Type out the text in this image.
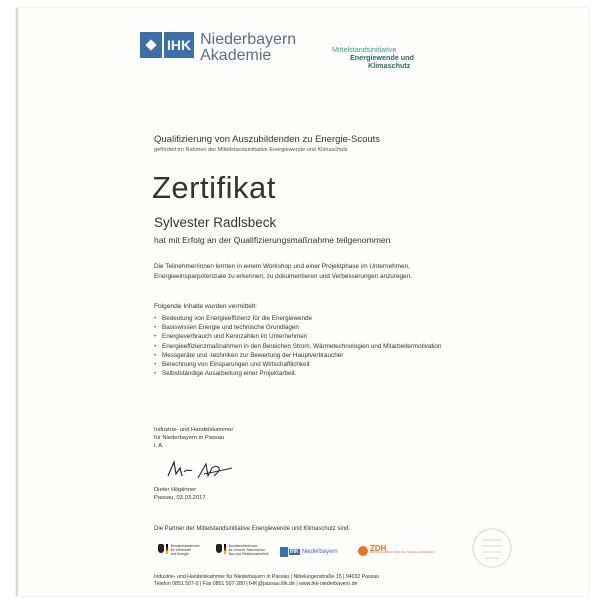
IHK Niederbayern
Akademie	Mittelstandsinitiative
Energiewende und
Klimaschutz
Qualifizierung von Auszubildenden zu Energie-Scouts
gefördert im Rahmen der Mittelstandsinitiative Energiewende und Klimaschutz
Zertifikat
Sylvester Radlsbeck
hat mit Erfolg an der Qualifizierungsmaßnahme teilgenommen
Die Teilnehmer/innen lernten in einem Workshop und einer Projektphase im Unternehmen, Energieeinsparpotenziale zu erkennen, zu dokumentieren und Verbesserungen anzuregen.
Folgende Inhalte wurden vermittelt:
• Bedeutung von Energieeffizienz für die Energiewende
• Basiswissen Energie und technische Grundlagen
• Energieverbrauch und Kennzahlen im Unternehmen
• Energieeffizienzmaßnahmen in den Bereichen Strom, Wärmetechnologien und Mitarbeitermotivation
• Messgeräte und -techniken zur Bewertung der Hauptverbraucher
• Berechnung von Einsparungen und Wirtschaftlichkeit
• Selbstständige Ausarbeitung einer Projektarbeit.
Industrie- und Handelskammer
für Niederbayern in Passau
i. A.
Dieter Hilgärtner
Passau, 03.03.2017
Die Partner der Mittelstandsinitiative Energiewende und Klimaschutz sind:
Bundesministerium
für Wirtschaft
und Energie
Bundesministerium
für Umwelt, Naturschutz,
Bau und Reaktorsicherheit	IHK Niederbayern	ZDH
ZENTRALVERBAND DES DEUTSCHEN HANDWERKS
Industrie- und Handelskammer für Niederbayern in Passau | Nibelungenstraße 15 | 94032 Passau
Telefon 0851 507-0 | Fax 0851 507-280 | IHK@passau.ihk.de | www.ihk-niederbayern.de
